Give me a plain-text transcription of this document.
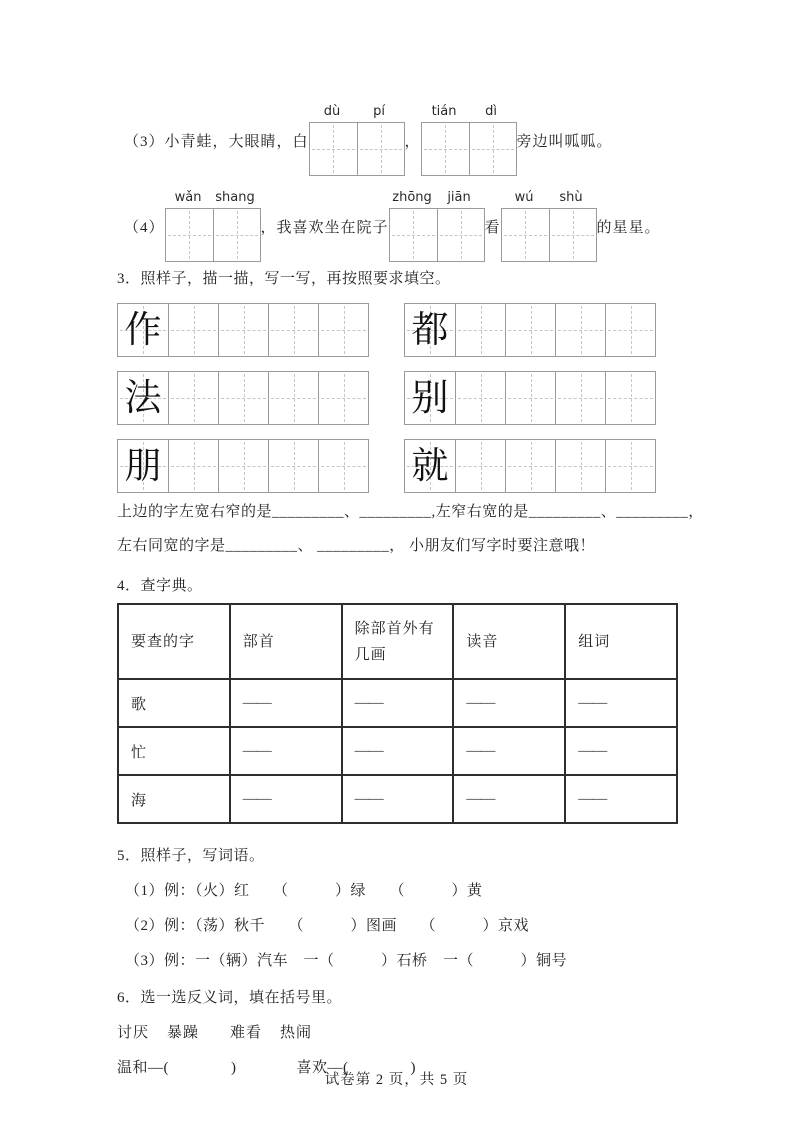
（3）小青蛙，大眼睛，白
dù	pí
，
tián	dì
旁边叫呱呱。
（4）
wǎn	shang
，我喜欢坐在院子
zhōng	jiān
看
wú	shù
的星星。
3．照样子，描一描，写一写，再按照要求填空。
作	都
法	别
朋	就
上边的字左宽右窄的是_________、_________,左窄右宽的是_________、_________，
左右同宽的字是_________、 _________， 小朋友们写字时要注意哦！
4．查字典。
要查的字	部首	除部首外有几画	读音	组词
歌	——	——	——	——
忙	——	——	——	——
海	——	——	——	——
5．照样子，写词语。
（1）例：（火）红　　（　　　）绿　　（　　　）黄
（2）例：（荡）秋千　　（　　　）图画　　（　　　）京戏
（3）例：一（辆）汽车　一（　　　）石桥　一（　　　）铜号
6．选一选反义词，填在括号里。
讨厌 暴躁 难看 热闹
温和—(　　　　)	喜欢—(　　　　)
试卷第 2 页，共 5 页
